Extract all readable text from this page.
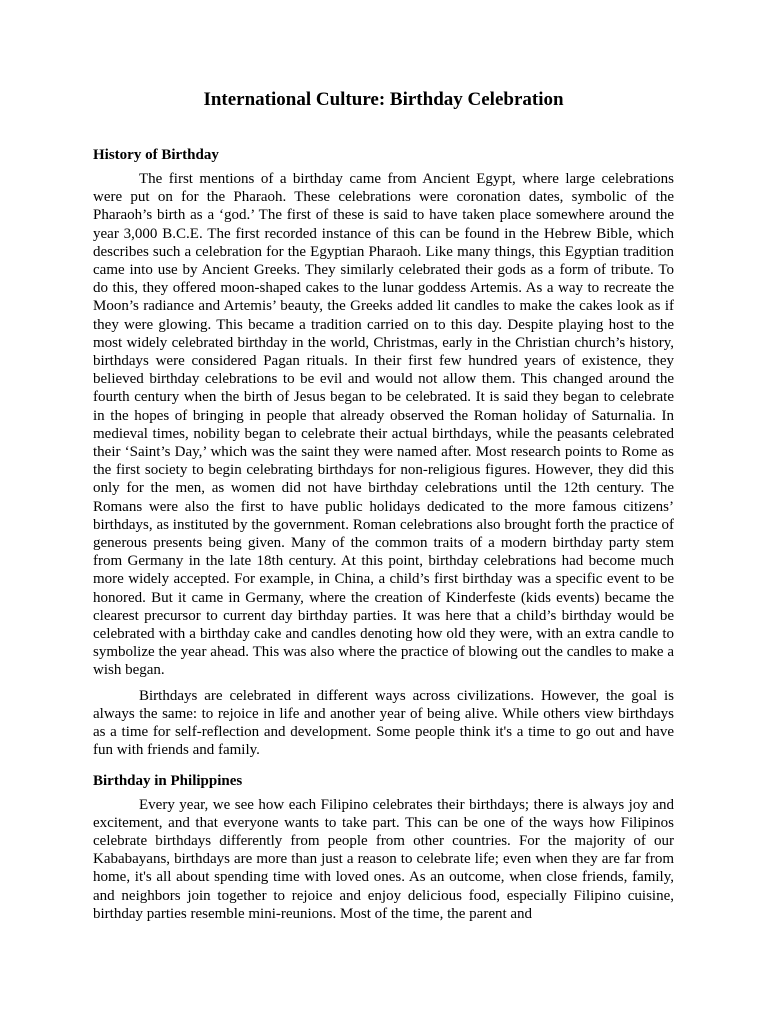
International Culture: Birthday Celebration
History of Birthday

The first mentions of a birthday came from Ancient Egypt, where large celebrations were put on for the Pharaoh. These celebrations were coronation dates, symbolic of the Pharaoh’s birth as a ‘god.’ The first of these is said to have taken place somewhere around the year 3,000 B.C.E. The first recorded instance of this can be found in the Hebrew Bible, which describes such a celebration for the Egyptian Pharaoh. Like many things, this Egyptian tradition came into use by Ancient Greeks. They similarly celebrated their gods as a form of tribute. To do this, they offered moon-shaped cakes to the lunar goddess Artemis. As a way to recreate the Moon’s radiance and Artemis’ beauty, the Greeks added lit candles to make the cakes look as if they were glowing. This became a tradition carried on to this day. Despite playing host to the most widely celebrated birthday in the world, Christmas, early in the Christian church’s history, birthdays were considered Pagan rituals. In their first few hundred years of existence, they believed birthday celebrations to be evil and would not allow them. This changed around the fourth century when the birth of Jesus began to be celebrated. It is said they began to celebrate in the hopes of bringing in people that already observed the Roman holiday of Saturnalia. In medieval times, nobility began to celebrate their actual birthdays, while the peasants celebrated their ‘Saint’s Day,’ which was the saint they were named after. Most research points to Rome as the first society to begin celebrating birthdays for non-religious figures. However, they did this only for the men, as women did not have birthday celebrations until the 12th century. The Romans were also the first to have public holidays dedicated to the more famous citizens’ birthdays, as instituted by the government. Roman celebrations also brought forth the practice of generous presents being given. Many of the common traits of a modern birthday party stem from Germany in the late 18th century. At this point, birthday celebrations had become much more widely accepted. For example, in China, a child’s first birthday was a specific event to be honored. But it came in Germany, where the creation of Kinderfeste (kids events) became the clearest precursor to current day birthday parties. It was here that a child’s birthday would be celebrated with a birthday cake and candles denoting how old they were, with an extra candle to symbolize the year ahead. This was also where the practice of blowing out the candles to make a wish began.

Birthdays are celebrated in different ways across civilizations. However, the goal is always the same: to rejoice in life and another year of being alive. While others view birthdays as a time for self-reflection and development. Some people think it's a time to go out and have fun with friends and family.

Birthday in Philippines

Every year, we see how each Filipino celebrates their birthdays; there is always joy and excitement, and that everyone wants to take part. This can be one of the ways how Filipinos celebrate birthdays differently from people from other countries. For the majority of our Kababayans, birthdays are more than just a reason to celebrate life; even when they are far from home, it's all about spending time with loved ones. As an outcome, when close friends, family, and neighbors join together to rejoice and enjoy delicious food, especially Filipino cuisine, birthday parties resemble mini-reunions. Most of the time, the parent and
